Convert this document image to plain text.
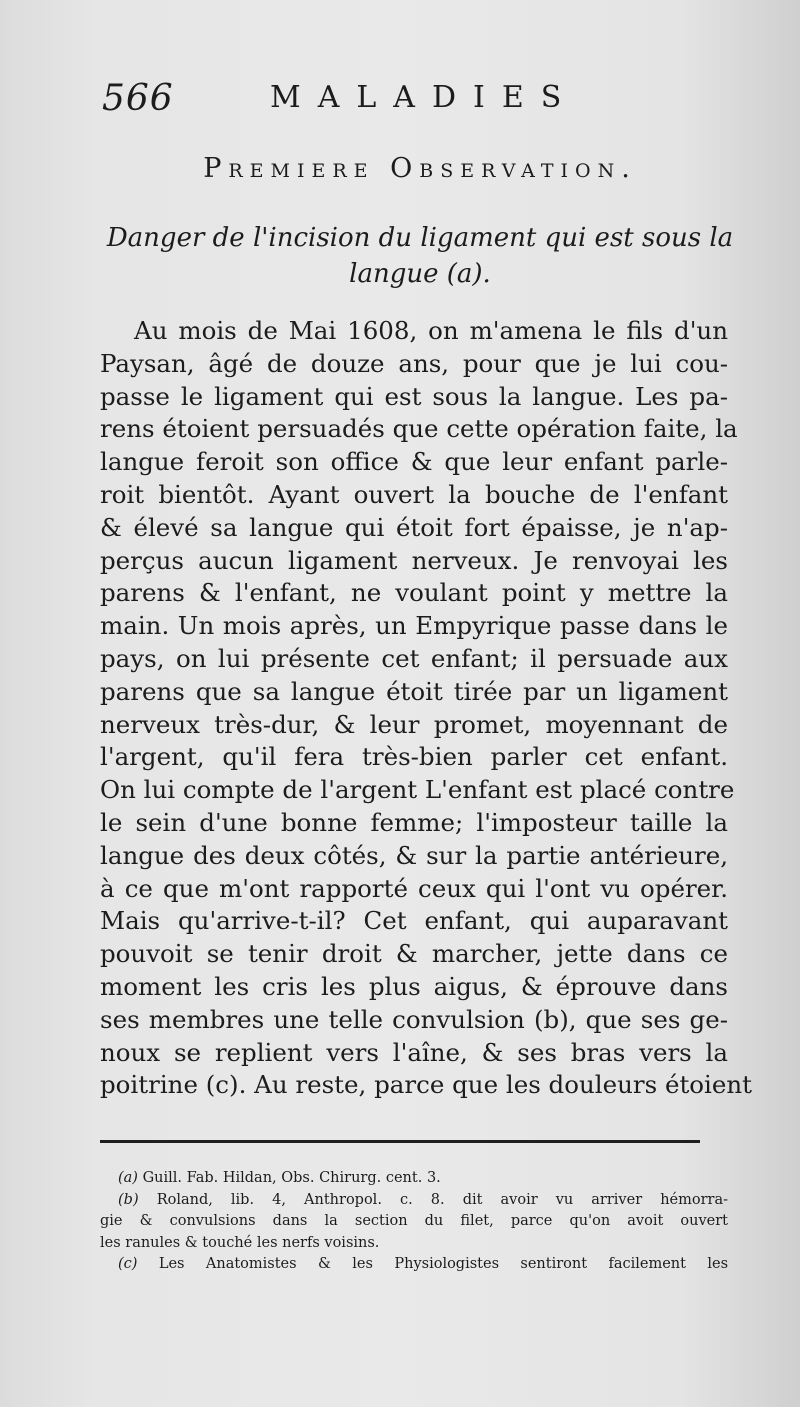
566	MALADIES
Premiere Observation.
Danger de l'incision du ligament qui est sous la
langue (a).
Au mois de Mai 1608, on m'amena le fils d'un
Paysan, âgé de douze ans, pour que je lui cou-
passe le ligament qui est sous la langue. Les pa-
rens étoient persuadés que cette opération faite, la
langue feroit son office & que leur enfant parle-
roit bientôt. Ayant ouvert la bouche de l'enfant
& élevé sa langue qui étoit fort épaisse, je n'ap-
perçus aucun ligament nerveux. Je renvoyai les
parens & l'enfant, ne voulant point y mettre la
main. Un mois après, un Empyrique passe dans le
pays, on lui présente cet enfant; il persuade aux
parens que sa langue étoit tirée par un ligament
nerveux très-dur, & leur promet, moyennant de
l'argent, qu'il fera très-bien parler cet enfant.
On lui compte de l'argent L'enfant est placé contre
le sein d'une bonne femme; l'imposteur taille la
langue des deux côtés, & sur la partie antérieure,
à ce que m'ont rapporté ceux qui l'ont vu opérer.
Mais qu'arrive-t-il? Cet enfant, qui auparavant
pouvoit se tenir droit & marcher, jette dans ce
moment les cris les plus aigus, & éprouve dans
ses membres une telle convulsion (b), que ses ge-
noux se replient vers l'aîne, & ses bras vers la
poitrine (c). Au reste, parce que les douleurs étoient
(a) Guill. Fab. Hildan, Obs. Chirurg. cent. 3.
(b) Roland, lib. 4, Anthropol. c. 8. dit avoir vu arriver hémorra-
gie & convulsions dans la section du filet, parce qu'on avoit ouvert
les ranules & touché les nerfs voisins.
(c) Les Anatomistes & les Physiologistes sentiront facilement les
